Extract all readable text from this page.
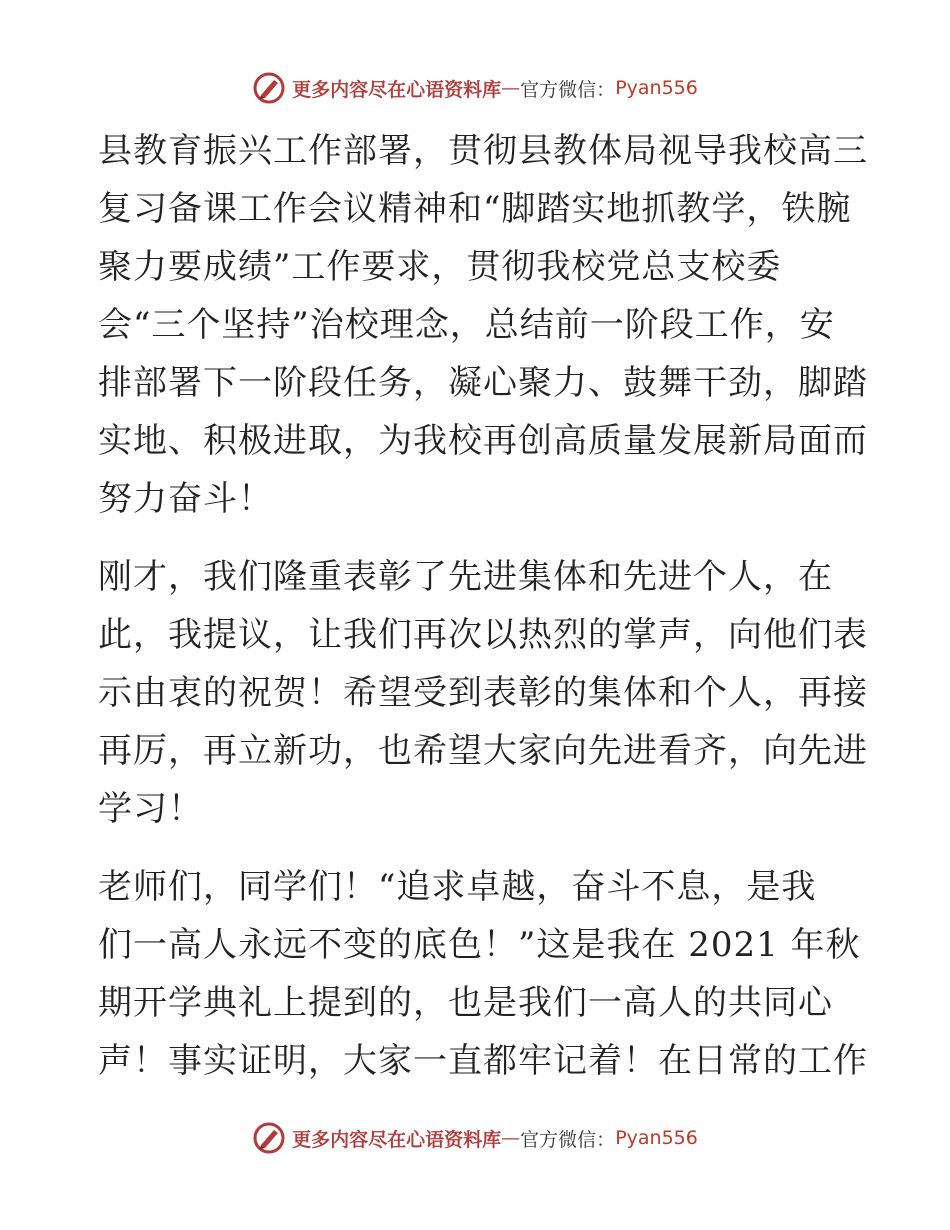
更多内容尽在心语资料库 — 官方微信： Pyan556

县教育振兴工作部署，贯彻县教体局视导我校高三
复习备课工作会议精神和“脚踏实地抓教学，铁腕
聚力要成绩”工作要求，贯彻我校党总支校委
会“三个坚持”治校理念，总结前一阶段工作，安
排部署下一阶段任务，凝心聚力、鼓舞干劲，脚踏
实地、积极进取，为我校再创高质量发展新局面而
努力奋斗！

刚才，我们隆重表彰了先进集体和先进个人，在
此，我提议，让我们再次以热烈的掌声，向他们表
示由衷的祝贺！希望受到表彰的集体和个人，再接
再厉，再立新功，也希望大家向先进看齐，向先进
学习！

老师们，同学们！“追求卓越，奋斗不息，是我
们一高人永远不变的底色！”这是我在 2021 年秋
期开学典礼上提到的，也是我们一高人的共同心
声！事实证明，大家一直都牢记着！在日常的工作

更多内容尽在心语资料库 — 官方微信： Pyan556
